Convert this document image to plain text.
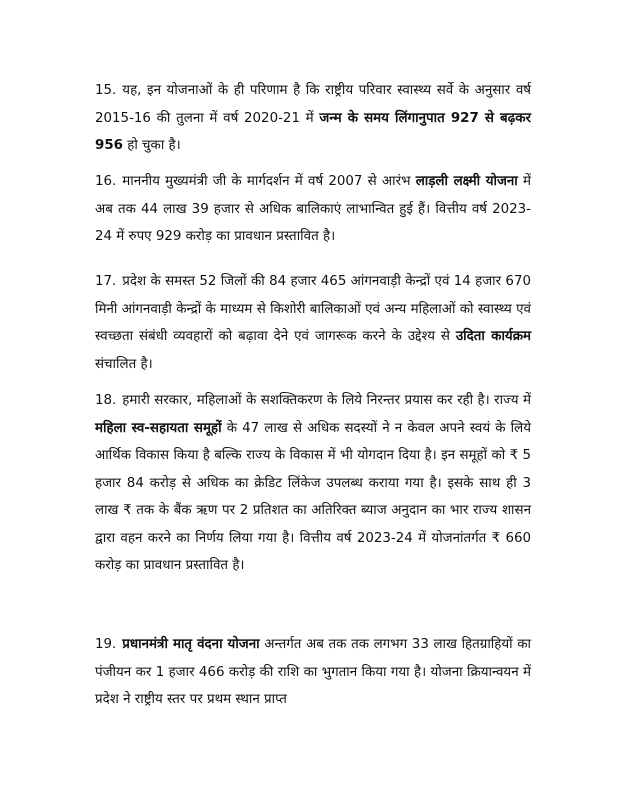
15. यह, इन योजनाओं के ही परिणाम है कि राष्ट्रीय परिवार स्वास्थ्य सर्वे के अनुसार वर्ष 2015-16 की तुलना में वर्ष 2020-21 में जन्म के समय लिंगानुपात 927 से बढ़कर 956 हो चुका है।

16. माननीय मुख्यमंत्री जी के मार्गदर्शन में वर्ष 2007 से आरंभ लाड़ली लक्ष्मी योजना में अब तक 44 लाख 39 हजार से अधिक बालिकाएं लाभान्वित हुई हैं। वित्तीय वर्ष 2023-24 में रुपए 929 करोड़ का प्रावधान प्रस्तावित है।

17. प्रदेश के समस्त 52 जिलों की 84 हजार 465 आंगनवाड़ी केन्द्रों एवं 14 हजार 670 मिनी आंगनवाड़ी केन्द्रों के माध्यम से किशोरी बालिकाओं एवं अन्य महिलाओं को स्वास्थ्य एवं स्वच्छता संबंधी व्यवहारों को बढ़ावा देने एवं जागरूक करने के उद्देश्य से उदिता कार्यक्रम संचालित है।

18. हमारी सरकार, महिलाओं के सशक्तिकरण के लिये निरन्तर प्रयास कर रही है। राज्य में महिला स्व-सहायता समूहों के 47 लाख से अधिक सदस्यों ने न केवल अपने स्वयं के लिये आर्थिक विकास किया है बल्कि राज्य के विकास में भी योगदान दिया है। इन समूहों को ₹ 5 हजार 84 करोड़ से अधिक का क्रेडिट लिंकेज उपलब्ध कराया गया है। इसके साथ ही 3 लाख ₹ तक के बैंक ऋण पर 2 प्रतिशत का अतिरिक्त ब्याज अनुदान का भार राज्य शासन द्वारा वहन करने का निर्णय लिया गया है। वित्तीय वर्ष 2023-24 में योजनांतर्गत ₹ 660 करोड़ का प्रावधान प्रस्तावित है।

19. प्रधानमंत्री मातृ वंदना योजना अन्तर्गत अब तक तक लगभग 33 लाख हितग्राहियों का पंजीयन कर 1 हजार 466 करोड़ की राशि का भुगतान किया गया है। योजना क्रियान्वयन में प्रदेश ने राष्ट्रीय स्तर पर प्रथम स्थान प्राप्त
